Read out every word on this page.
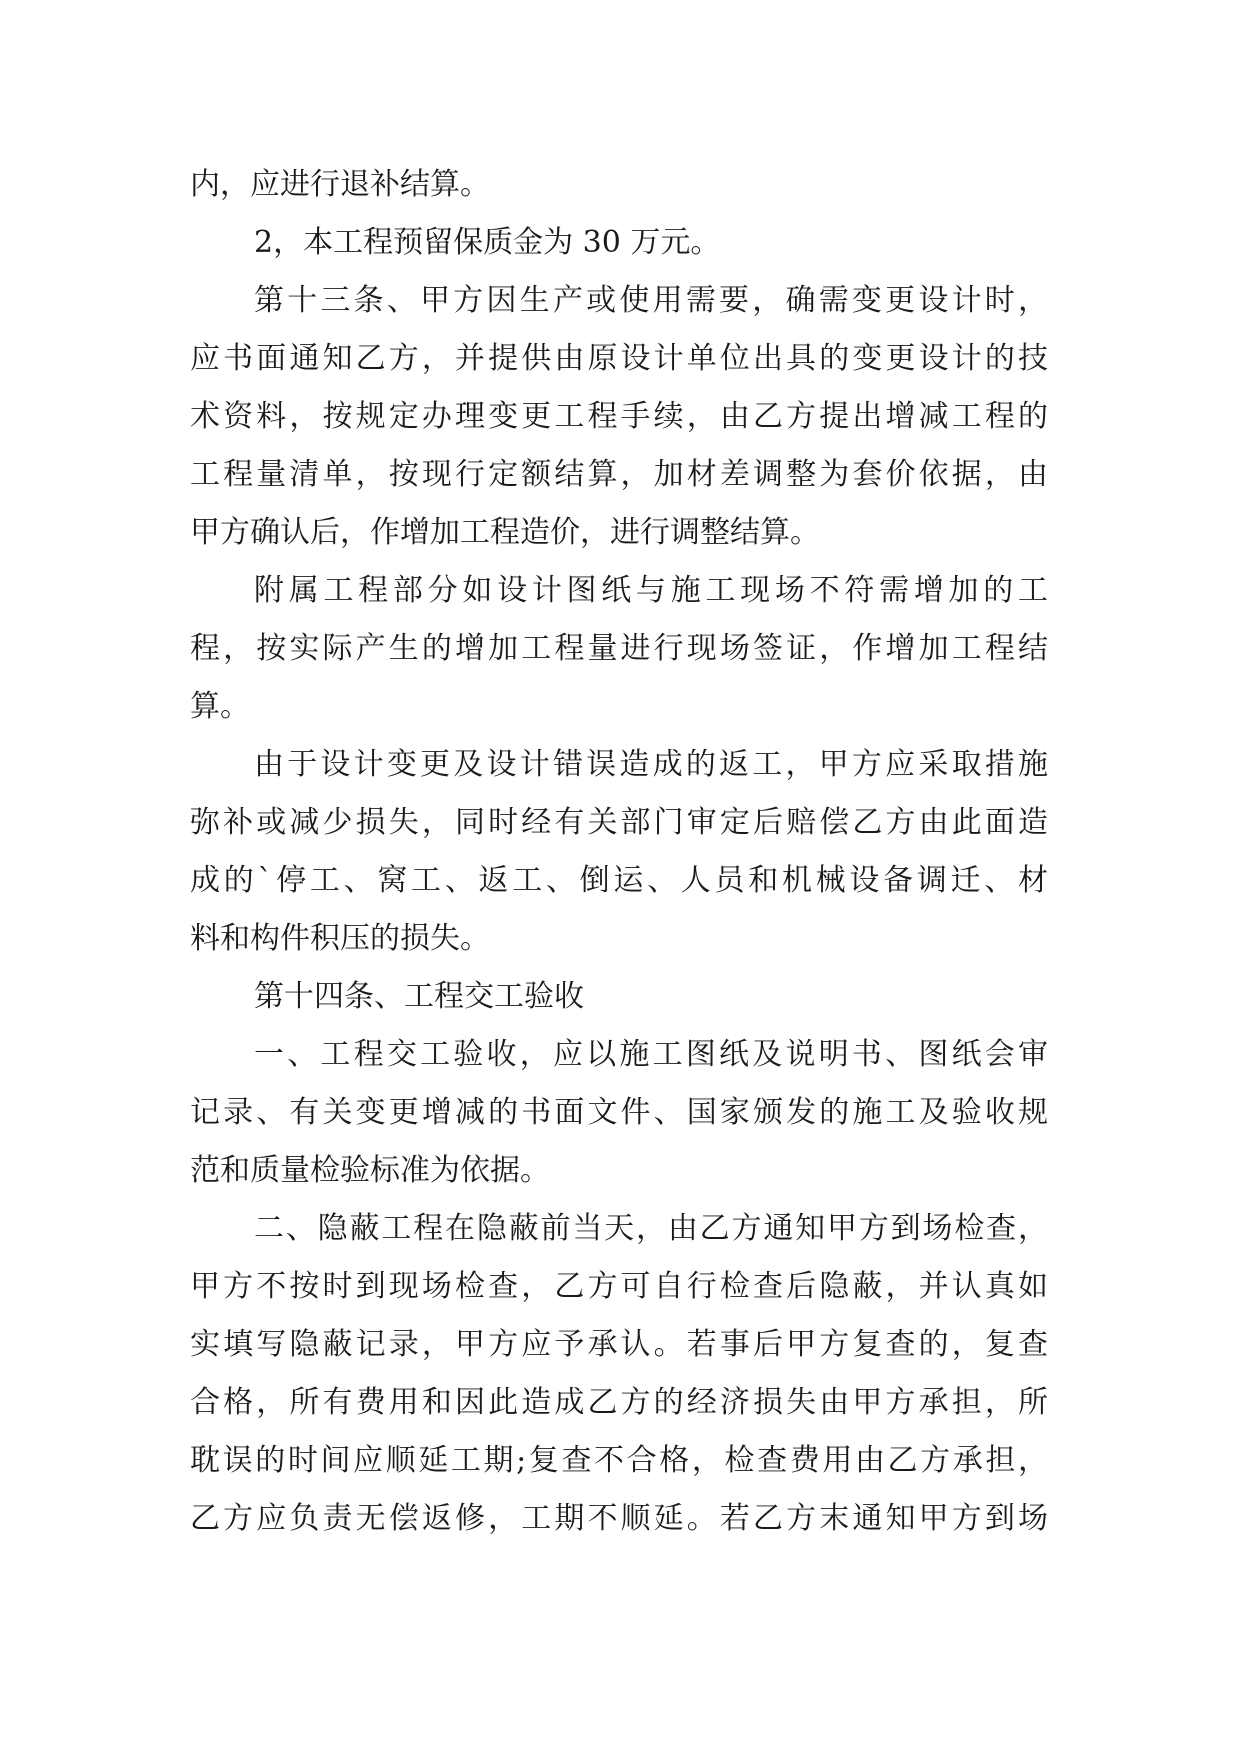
内，应进行退补结算。
2，本工程预留保质金为 30 万元。
第十三条、甲方因生产或使用需要，确需变更设计时，
应书面通知乙方，并提供由原设计单位出具的变更设计的技
术资料，按规定办理变更工程手续，由乙方提出增减工程的
工程量清单，按现行定额结算，加材差调整为套价依据，由
甲方确认后，作增加工程造价，进行调整结算。
附属工程部分如设计图纸与施工现场不符需增加的工
程，按实际产生的增加工程量进行现场签证，作增加工程结
算。
由于设计变更及设计错误造成的返工，甲方应采取措施
弥补或减少损失，同时经有关部门审定后赔偿乙方由此面造
成的`停工、窝工、返工、倒运、人员和机械设备调迁、材
料和构件积压的损失。
第十四条、工程交工验收
一、工程交工验收，应以施工图纸及说明书、图纸会审
记录、有关变更增减的书面文件、国家颁发的施工及验收规
范和质量检验标准为依据。
二、隐蔽工程在隐蔽前当天，由乙方通知甲方到场检查，
甲方不按时到现场检查，乙方可自行检查后隐蔽，并认真如
实填写隐蔽记录，甲方应予承认。若事后甲方复查的，复查
合格，所有费用和因此造成乙方的经济损失由甲方承担，所
耽误的时间应顺延工期;复查不合格，检查费用由乙方承担，
乙方应负责无偿返修，工期不顺延。若乙方末通知甲方到场
